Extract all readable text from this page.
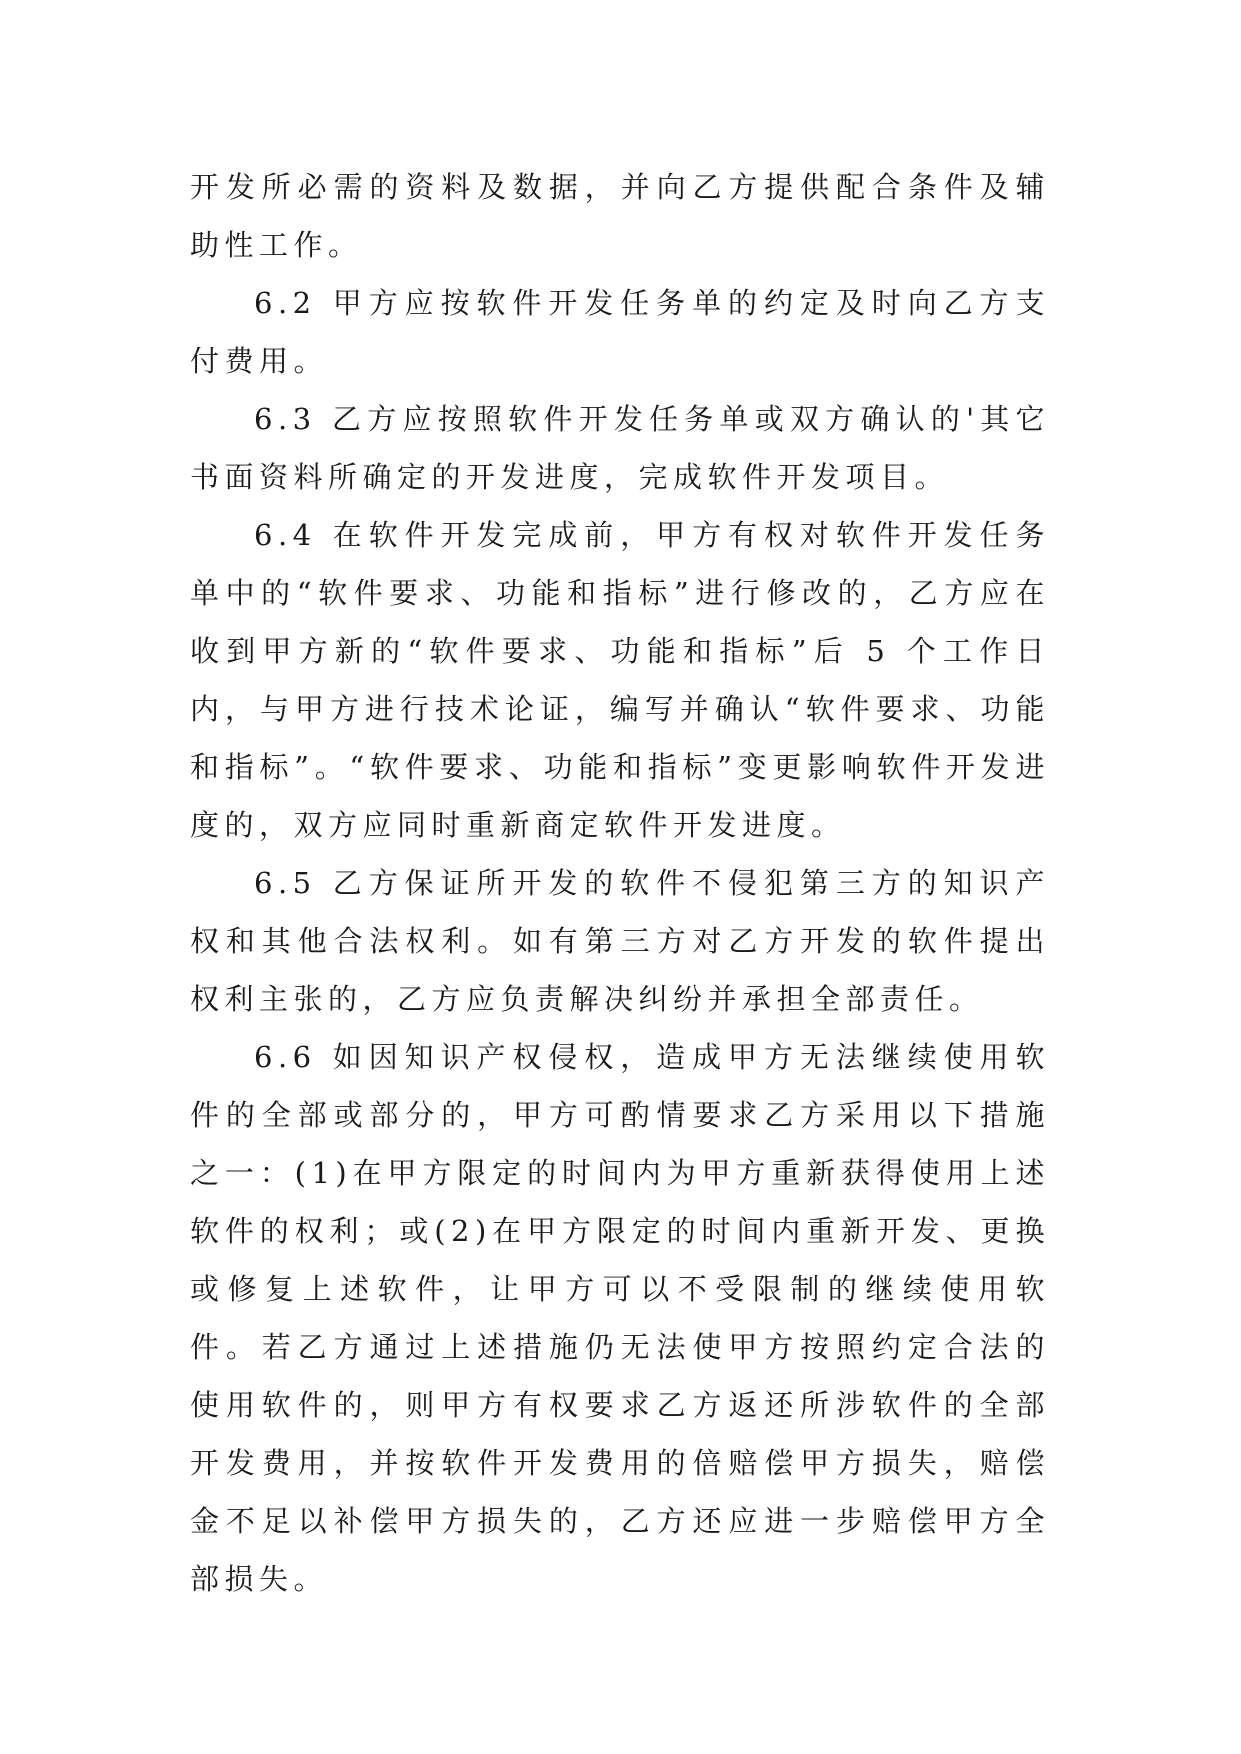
开发所必需的资料及数据，并向乙方提供配合条件及辅助性工作。

6.2 甲方应按软件开发任务单的约定及时向乙方支付费用。

6.3 乙方应按照软件开发任务单或双方确认的'其它书面资料所确定的开发进度，完成软件开发项目。

6.4 在软件开发完成前，甲方有权对软件开发任务单中的“软件要求、功能和指标”进行修改的，乙方应在收到甲方新的“软件要求、功能和指标”后 5 个工作日内，与甲方进行技术论证，编写并确认“软件要求、功能和指标”。“软件要求、功能和指标”变更影响软件开发进度的，双方应同时重新商定软件开发进度。

6.5 乙方保证所开发的软件不侵犯第三方的知识产权和其他合法权利。如有第三方对乙方开发的软件提出权利主张的，乙方应负责解决纠纷并承担全部责任。

6.6 如因知识产权侵权，造成甲方无法继续使用软件的全部或部分的，甲方可酌情要求乙方采用以下措施之一：(1)在甲方限定的时间内为甲方重新获得使用上述软件的权利；或(2)在甲方限定的时间内重新开发、更换或修复上述软件，让甲方可以不受限制的继续使用软件。若乙方通过上述措施仍无法使甲方按照约定合法的使用软件的，则甲方有权要求乙方返还所涉软件的全部开发费用，并按软件开发费用的倍赔偿甲方损失，赔偿金不足以补偿甲方损失的，乙方还应进一步赔偿甲方全部损失。
